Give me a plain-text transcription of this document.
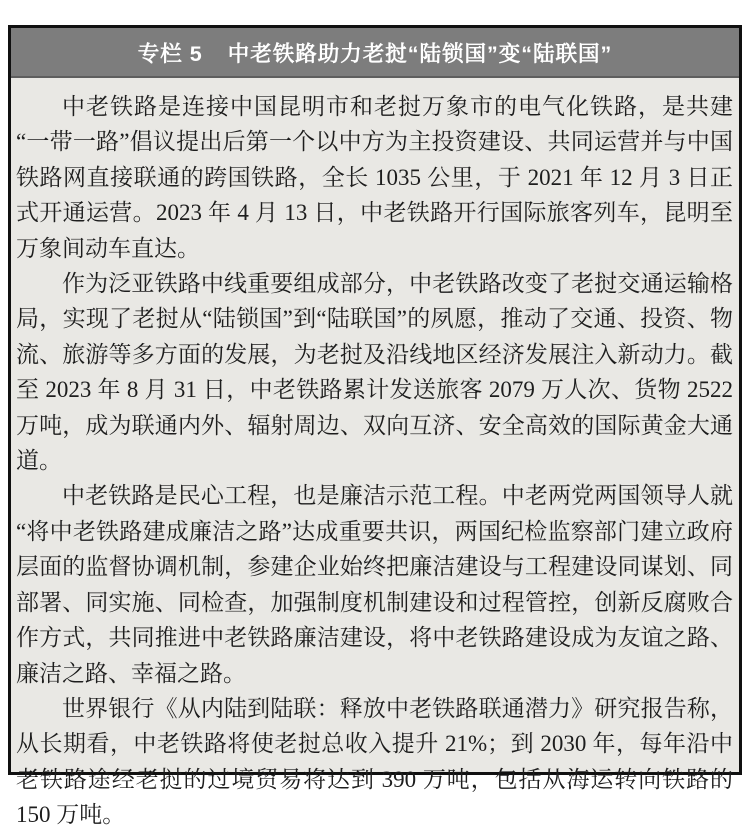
专栏 5 中老铁路助力老挝“陆锁国”变“陆联国”

中老铁路是连接中国昆明市和老挝万象市的电气化铁路，是共建“一带一路”倡议提出后第一个以中方为主投资建设、共同运营并与中国铁路网直接联通的跨国铁路，全长 1035 公里，于 2021 年 12 月 3 日正式开通运营。2023 年 4 月 13 日，中老铁路开行国际旅客列车，昆明至万象间动车直达。

作为泛亚铁路中线重要组成部分，中老铁路改变了老挝交通运输格局，实现了老挝从“陆锁国”到“陆联国”的夙愿，推动了交通、投资、物流、旅游等多方面的发展，为老挝及沿线地区经济发展注入新动力。截至 2023 年 8 月 31 日，中老铁路累计发送旅客 2079 万人次、货物 2522 万吨，成为联通内外、辐射周边、双向互济、安全高效的国际黄金大通道。

中老铁路是民心工程，也是廉洁示范工程。中老两党两国领导人就“将中老铁路建成廉洁之路”达成重要共识，两国纪检监察部门建立政府层面的监督协调机制，参建企业始终把廉洁建设与工程建设同谋划、同部署、同实施、同检查，加强制度机制建设和过程管控，创新反腐败合作方式，共同推进中老铁路廉洁建设，将中老铁路建设成为友谊之路、廉洁之路、幸福之路。

世界银行《从内陆到陆联：释放中老铁路联通潜力》研究报告称，从长期看，中老铁路将使老挝总收入提升 21%；到 2030 年，每年沿中老铁路途经老挝的过境贸易将达到 390 万吨，包括从海运转向铁路的 150 万吨。
